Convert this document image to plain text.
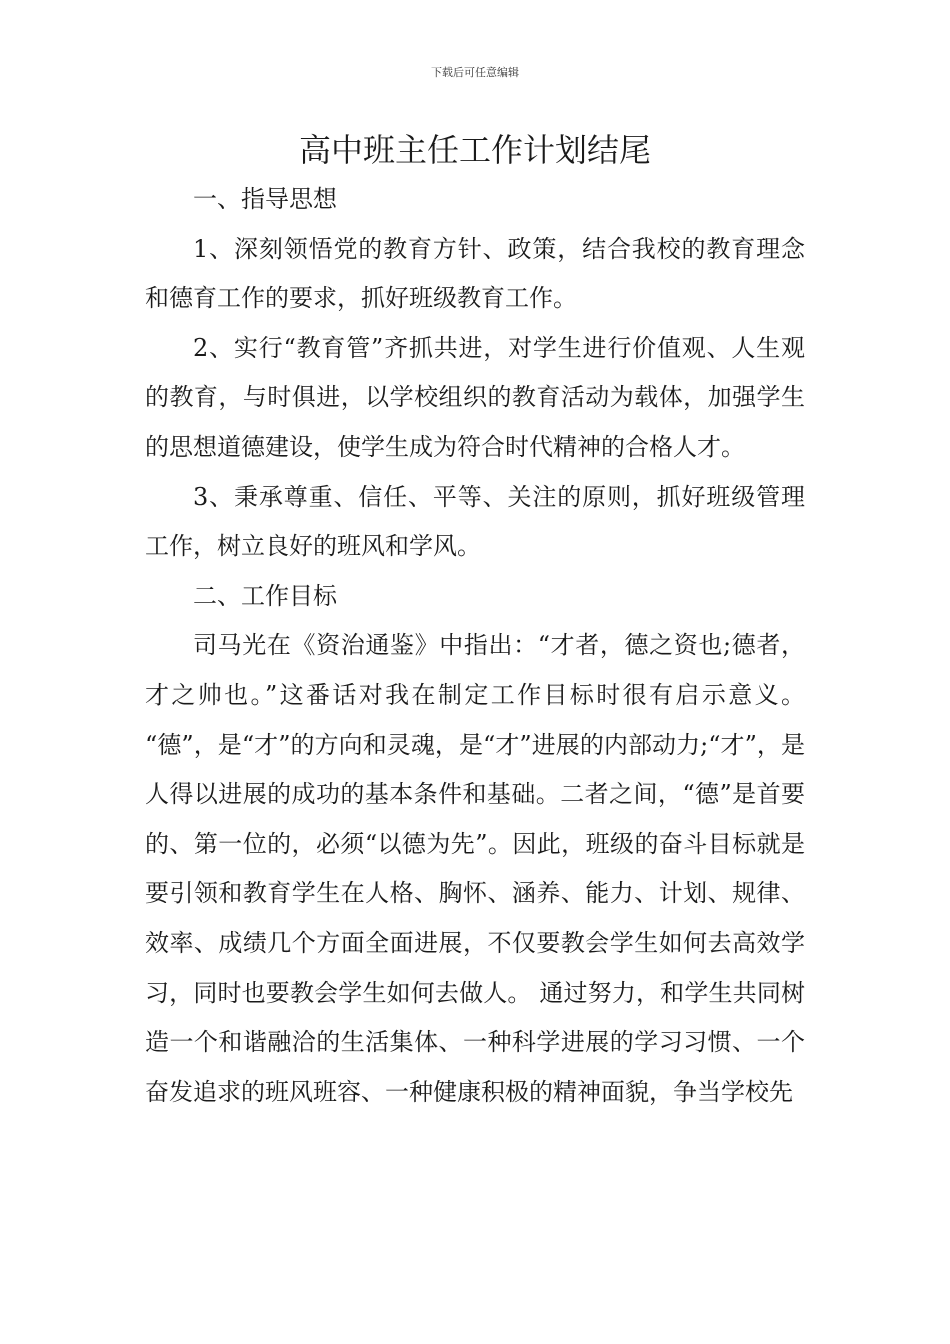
下载后可任意编辑
高中班主任工作计划结尾

一、指导思想

1、深刻领悟党的教育方针、政策，结合我校的教育理念和德育工作的要求，抓好班级教育工作。

2、实行“教育管”齐抓共进，对学生进行价值观、人生观的教育，与时俱进，以学校组织的教育活动为载体，加强学生的思想道德建设，使学生成为符合时代精神的合格人才。

3、秉承尊重、信任、平等、关注的原则，抓好班级管理工作，树立良好的班风和学风。

二、工作目标

司马光在《资治通鉴》中指出：“才者，德之资也;德者，才之帅也。”这番话对我在制定工作目标时很有启示意义。 “德”，是“才”的方向和灵魂，是“才”进展的内部动力;“才”，是人得以进展的成功的基本条件和基础。二者之间，“德”是首要的、第一位的，必须“以德为先”。因此，班级的奋斗目标就是要引领和教育学生在人格、胸怀、涵养、能力、计划、规律、效率、成绩几个方面全面进展，不仅要教会学生如何去高效学习，同时也要教会学生如何去做人。 通过努力，和学生共同树造一个和谐融洽的生活集体、一种科学进展的学习习惯、一个奋发追求的班风班容、一种健康积极的精神面貌，争当学校先
